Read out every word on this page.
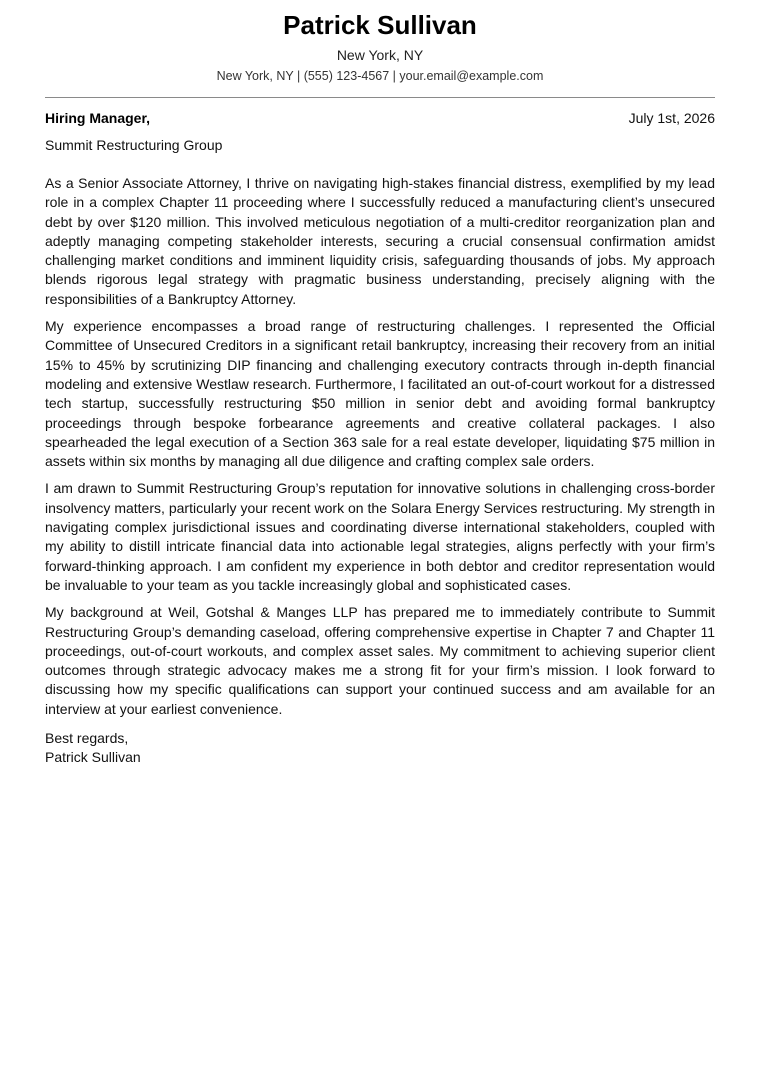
Patrick Sullivan
New York, NY
New York, NY | (555) 123-4567 | your.email@example.com
Hiring Manager,	July 1st, 2026
Summit Restructuring Group

As a Senior Associate Attorney, I thrive on navigating high-stakes financial distress, exemplified by my lead role in a complex Chapter 11 proceeding where I successfully reduced a manufacturing client’s unsecured debt by over $120 million. This involved meticulous negotiation of a multi-creditor reorganization plan and adeptly managing competing stakeholder interests, securing a crucial consensual confirmation amidst challenging market conditions and imminent liquidity crisis, safeguarding thousands of jobs. My approach blends rigorous legal strategy with pragmatic business understanding, precisely aligning with the responsibilities of a Bankruptcy Attorney.

My experience encompasses a broad range of restructuring challenges. I represented the Official Committee of Unsecured Creditors in a significant retail bankruptcy, increasing their recovery from an initial 15% to 45% by scrutinizing DIP financing and challenging executory contracts through in-depth financial modeling and extensive Westlaw research. Furthermore, I facilitated an out-of-court workout for a distressed tech startup, successfully restructuring $50 million in senior debt and avoiding formal bankruptcy proceedings through bespoke forbearance agreements and creative collateral packages. I also spearheaded the legal execution of a Section 363 sale for a real estate developer, liquidating $75 million in assets within six months by managing all due diligence and crafting complex sale orders.

I am drawn to Summit Restructuring Group’s reputation for innovative solutions in challenging cross-border insolvency matters, particularly your recent work on the Solara Energy Services restructuring. My strength in navigating complex jurisdictional issues and coordinating diverse international stakeholders, coupled with my ability to distill intricate financial data into actionable legal strategies, aligns perfectly with your firm’s forward-thinking approach. I am confident my experience in both debtor and creditor representation would be invaluable to your team as you tackle increasingly global and sophisticated cases.

My background at Weil, Gotshal & Manges LLP has prepared me to immediately contribute to Summit Restructuring Group’s demanding caseload, offering comprehensive expertise in Chapter 7 and Chapter 11 proceedings, out-of-court workouts, and complex asset sales. My commitment to achieving superior client outcomes through strategic advocacy makes me a strong fit for your firm’s mission. I look forward to discussing how my specific qualifications can support your continued success and am available for an interview at your earliest convenience.

Best regards,
Patrick Sullivan
